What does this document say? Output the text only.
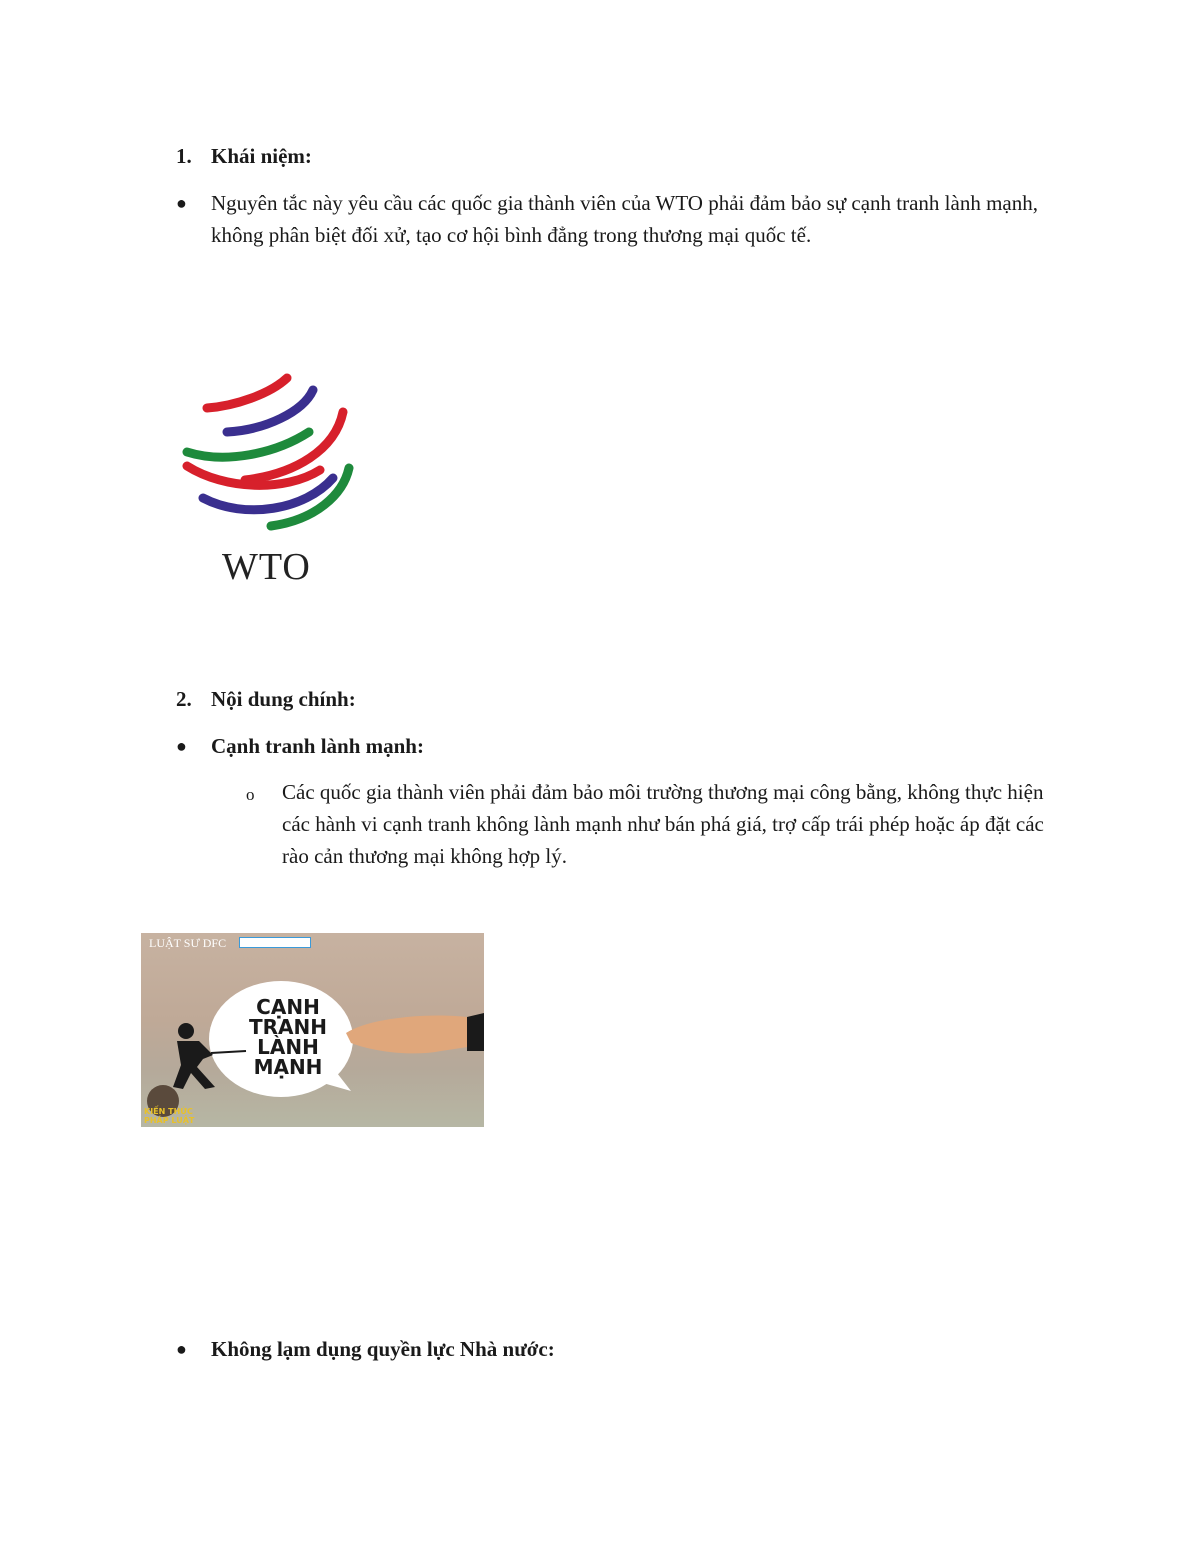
1. Khái niệm:
● Nguyên tắc này yêu cầu các quốc gia thành viên của WTO phải đảm bảo sự cạnh tranh lành mạnh, không phân biệt đối xử, tạo cơ hội bình đẳng trong thương mại quốc tế.

WTO
2. Nội dung chính:
● Cạnh tranh lành mạnh:
o Các quốc gia thành viên phải đảm bảo môi trường thương mại công bằng, không thực hiện các hành vi cạnh tranh không lành mạnh như bán phá giá, trợ cấp trái phép hoặc áp đặt các rào cản thương mại không hợp lý.

LUẬT SƯ DFC
CẠNH
TRANH
LÀNH
MẠNH
KIẾN THỨC
PHÁP LUẬT
● Không lạm dụng quyền lực Nhà nước:
